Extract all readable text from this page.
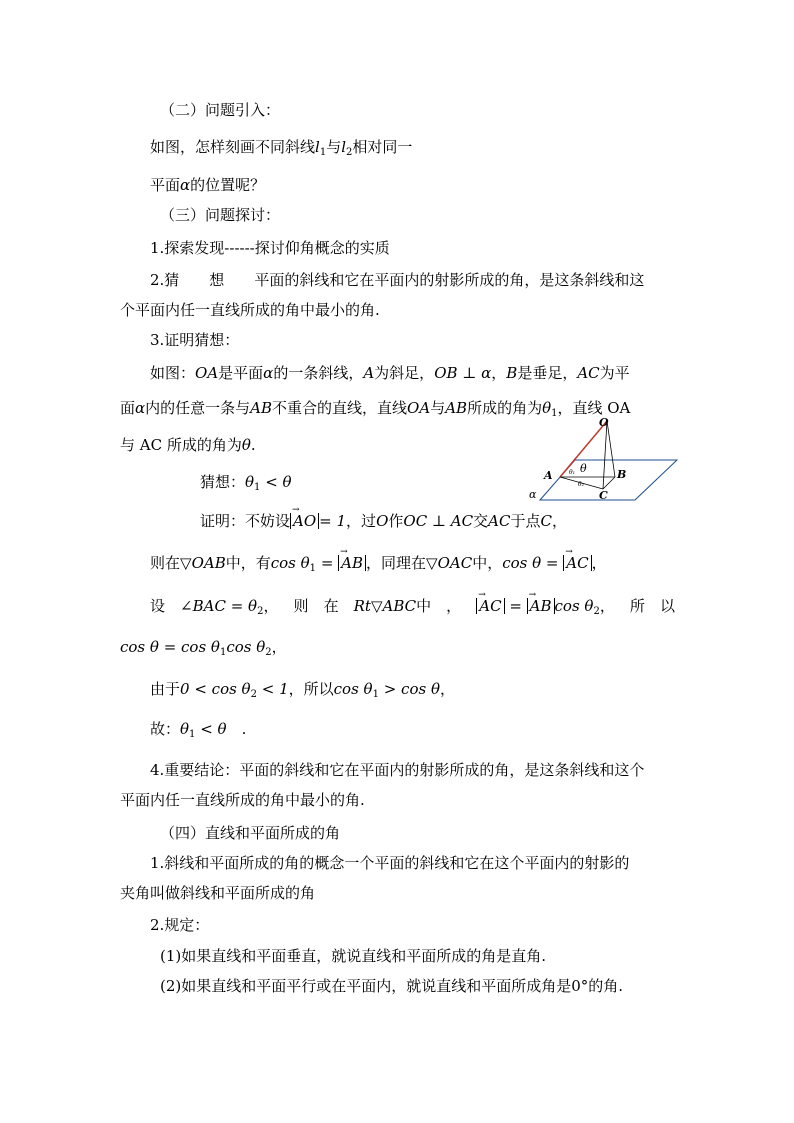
（二）问题引入：
如图，怎样刻画不同斜线$l_1$与$l_2$相对同一
平面α的位置呢？
（三）问题探讨：
1.探索发现------探讨仰角概念的实质
2.猜　　想　　平面的斜线和它在平面内的射影所成的角，是这条斜线和这
个平面内任一直线所成的角中最小的角.
3.证明猜想：
如图：OA是平面α的一条斜线，A为斜足，OB ⊥ α，B是垂足，AC为平
面α内的任意一条与AB不重合的直线，直线OA与AB所成的角为$\theta_1$，直线 OA
与 AC 所成的角为θ.
猜想：$\theta_1 < \theta$
O
A	B
C
α
θ
θ₁
θ₂
证明：不妨设 → AO = 1，过O作OC ⊥ AC交AC于点C，
则在▽OAB中，有$\cos \theta_1$ = → AB ，同理在▽OAC中，cos θ = → AC ，
设　 ∠BAC = $\theta_2$， 则 在 Rt▽ABC中 ， → AC = → AB $\cos \theta_2$， 所 以
$\cos \theta = \cos \theta_1\cos$ $\theta_2$，
由于$0 < \cos \theta_2 < 1$，所以$\cos \theta_1 > \cos \theta$，
故：$\theta_1 < \theta$　.
4.重要结论：平面的斜线和它在平面内的射影所成的角，是这条斜线和这个
平面内任一直线所成的角中最小的角.
（四）直线和平面所成的角
1.斜线和平面所成的角的概念一个平面的斜线和它在这个平面内的射影的
夹角叫做斜线和平面所成的角
2.规定：
(1)如果直线和平面垂直，就说直线和平面所成的角是直角.
(2)如果直线和平面平行或在平面内，就说直线和平面所成角是0°的角.
